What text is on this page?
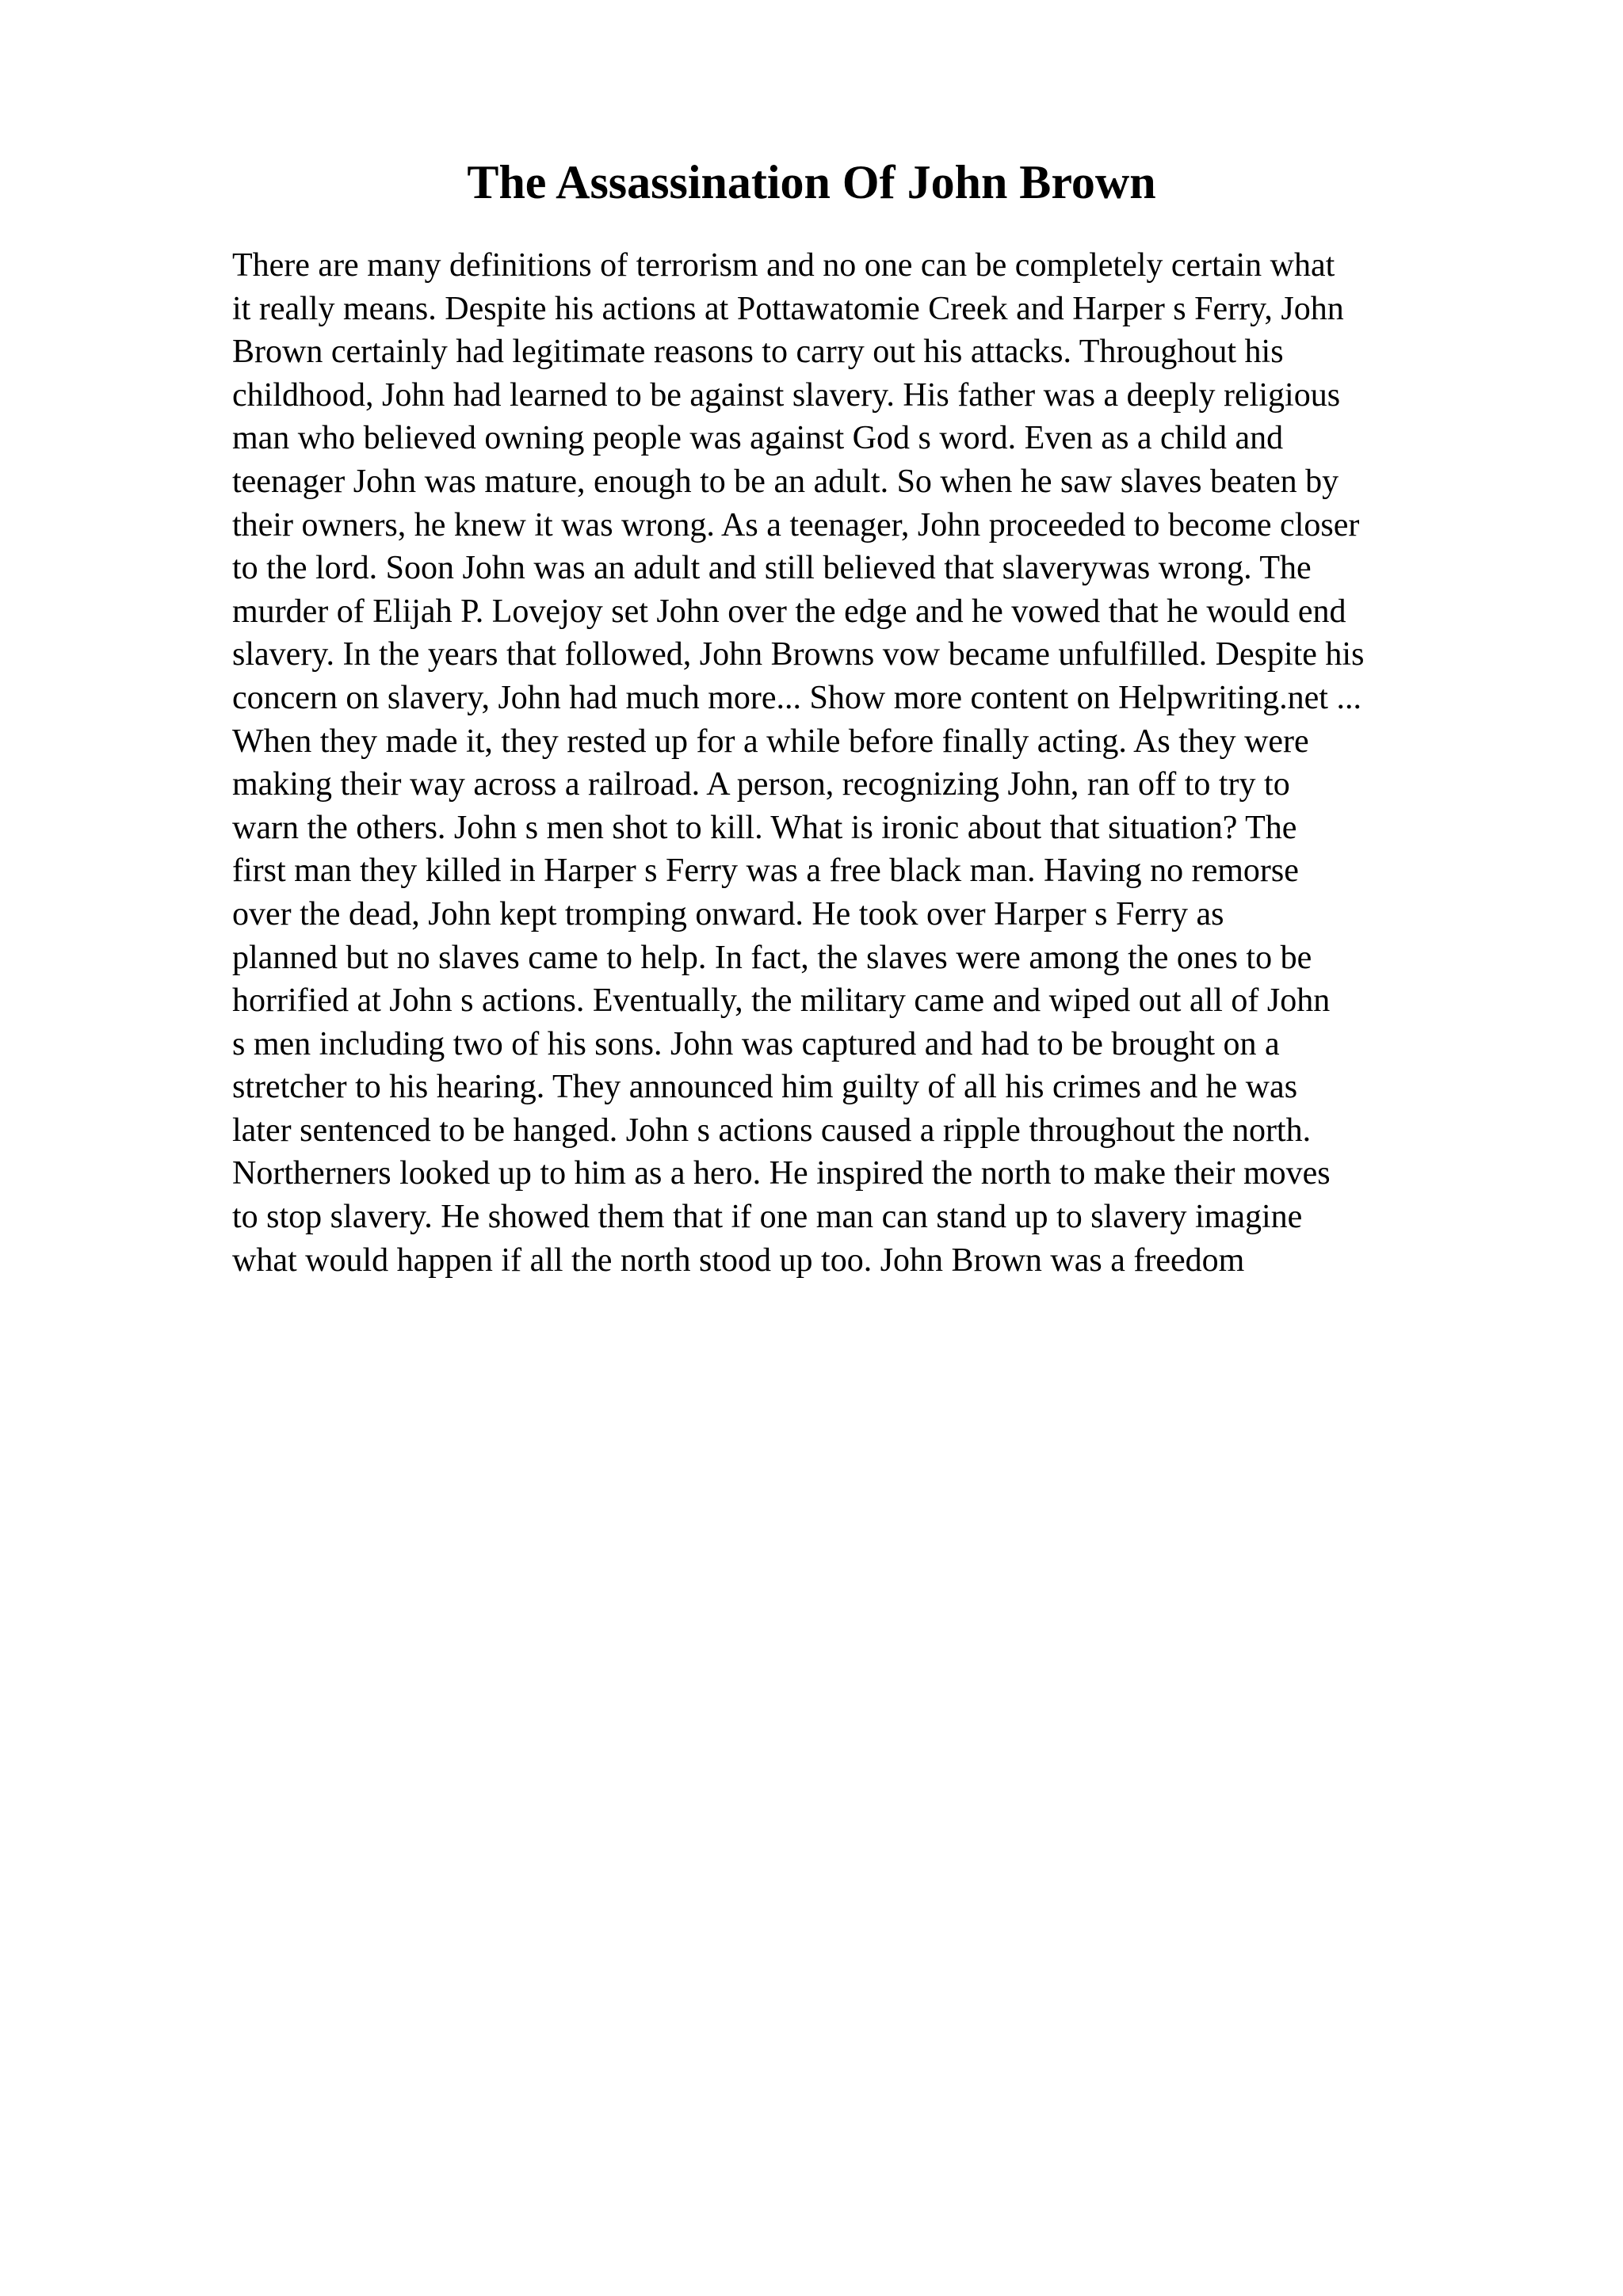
The Assassination Of John Brown
There are many definitions of terrorism and no one can be completely certain what
it really means. Despite his actions at Pottawatomie Creek and Harper s Ferry, John
Brown certainly had legitimate reasons to carry out his attacks. Throughout his
childhood, John had learned to be against slavery. His father was a deeply religious
man who believed owning people was against God s word. Even as a child and
teenager John was mature, enough to be an adult. So when he saw slaves beaten by
their owners, he knew it was wrong. As a teenager, John proceeded to become closer
to the lord. Soon John was an adult and still believed that slaverywas wrong. The
murder of Elijah P. Lovejoy set John over the edge and he vowed that he would end
slavery. In the years that followed, John Browns vow became unfulfilled. Despite his
concern on slavery, John had much more... Show more content on Helpwriting.net ...
When they made it, they rested up for a while before finally acting. As they were
making their way across a railroad. A person, recognizing John, ran off to try to
warn the others. John s men shot to kill. What is ironic about that situation? The
first man they killed in Harper s Ferry was a free black man. Having no remorse
over the dead, John kept tromping onward. He took over Harper s Ferry as
planned but no slaves came to help. In fact, the slaves were among the ones to be
horrified at John s actions. Eventually, the military came and wiped out all of John
s men including two of his sons. John was captured and had to be brought on a
stretcher to his hearing. They announced him guilty of all his crimes and he was
later sentenced to be hanged. John s actions caused a ripple throughout the north.
Northerners looked up to him as a hero. He inspired the north to make their moves
to stop slavery. He showed them that if one man can stand up to slavery imagine
what would happen if all the north stood up too. John Brown was a freedom
